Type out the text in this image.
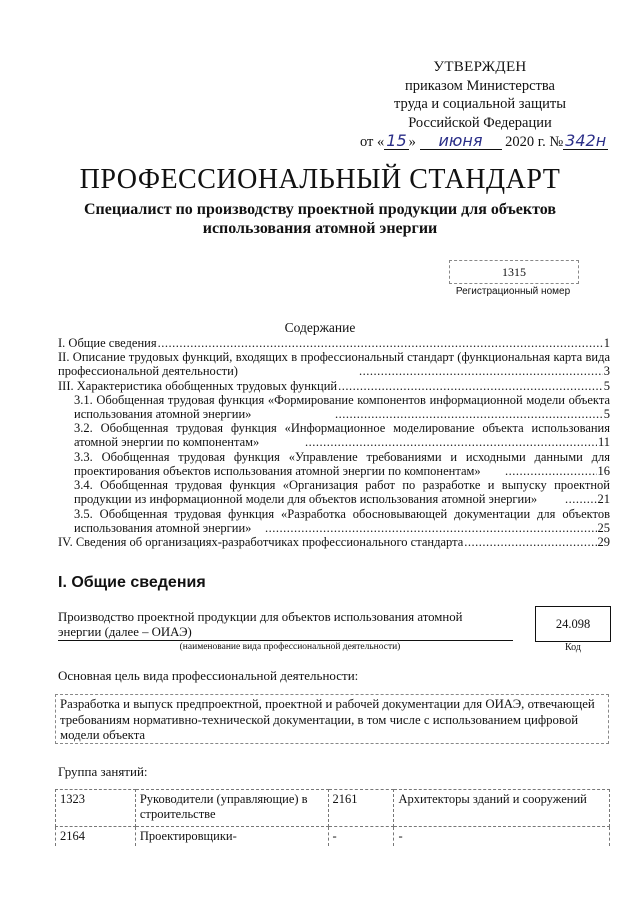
УТВЕРЖДЕН
приказом Министерства
труда и социальной защиты
Российской Федерации
от « 15 » июня 2020 г. № 342н
ПРОФЕССИОНАЛЬНЫЙ СТАНДАРТ
Специалист по производству проектной продукции для объектов использования атомной энергии
1315
Регистрационный номер
Содержание
I. Общие сведения .....	1
II. Описание трудовых функций, входящих в профессиональный стандарт (функциональная карта вида профессиональной деятельности) .....	3
III. Характеристика обобщенных трудовых функций .....	5
3.1. Обобщенная трудовая функция «Формирование компонентов информационной модели объекта использования атомной энергии» .....	5
3.2. Обобщенная трудовая функция «Информационное моделирование объекта использования атомной энергии по компонентам» .....	11
3.3. Обобщенная трудовая функция «Управление требованиями и исходными данными для проектирования объектов использования атомной энергии по компонентам» .....	16
3.4. Обобщенная трудовая функция «Организация работ по разработке и выпуску проектной продукции из информационной модели для объектов использования атомной энергии» .....	21
3.5. Обобщенная трудовая функция «Разработка обосновывающей документации для объектов использования атомной энергии» .....	25
IV. Сведения об организациях-разработчиках профессионального стандарта .....	29
I. Общие сведения
Производство проектной продукции для объектов использования атомной энергии (далее – ОИАЭ)
(наименование вида профессиональной деятельности)
24.098
Код
Основная цель вида профессиональной деятельности:
Разработка и выпуск предпроектной, проектной и рабочей документации для ОИАЭ, отвечающей требованиям нормативно-технической документации, в том числе с использованием цифровой модели объекта
Группа занятий:
1323	Руководители (управляющие) в строительстве	2161	Архитекторы зданий и сооружений
2164	Проектировщики-	-	-
